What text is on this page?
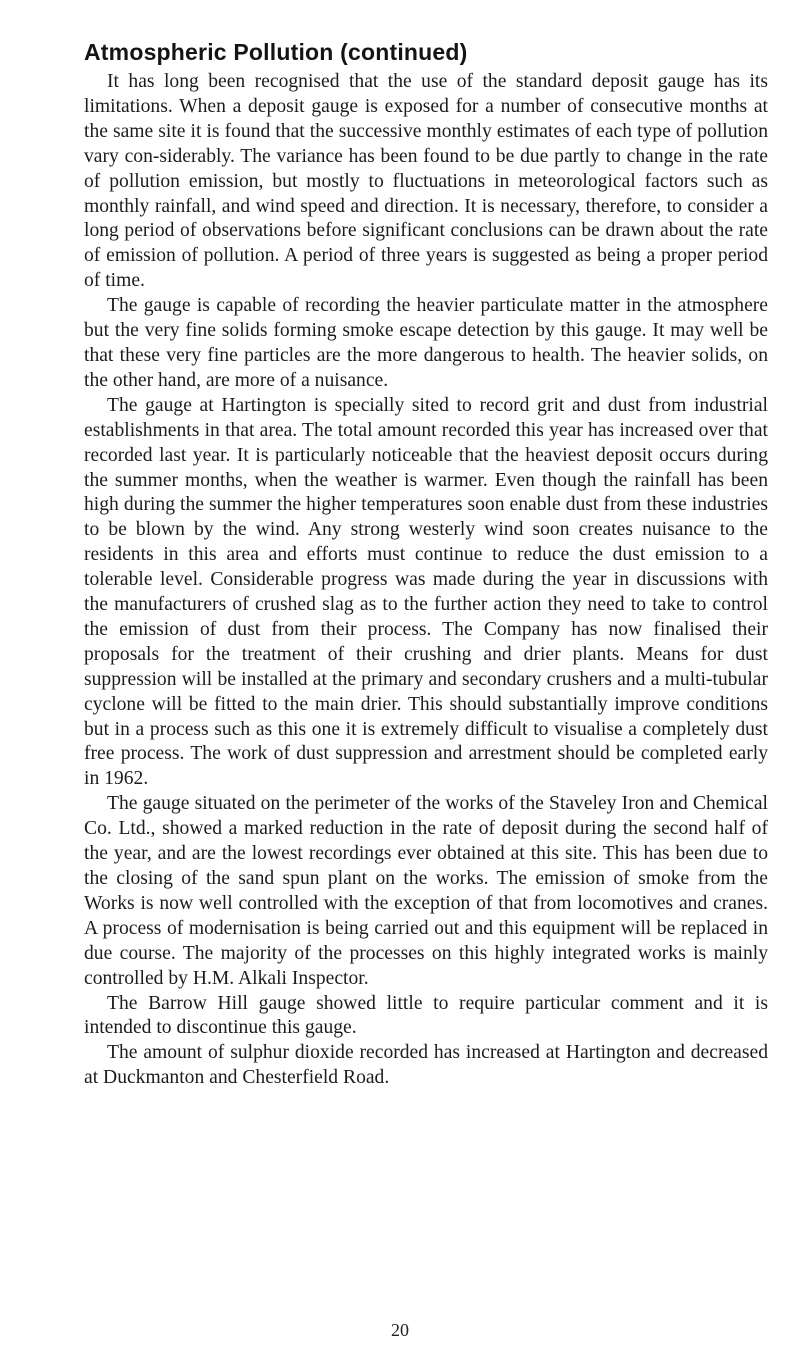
Atmospheric Pollution (continued)

It has long been recognised that the use of the standard deposit gauge has its limitations. When a deposit gauge is exposed for a number of consecutive months at the same site it is found that the successive monthly estimates of each type of pollution vary con-siderably. The variance has been found to be due partly to change in the rate of pollution emission, but mostly to fluctuations in meteorological factors such as monthly rainfall, and wind speed and direction. It is necessary, therefore, to consider a long period of observations before significant conclusions can be drawn about the rate of emission of pollution. A period of three years is suggested as being a proper period of time.

The gauge is capable of recording the heavier particulate matter in the atmosphere but the very fine solids forming smoke escape detection by this gauge. It may well be that these very fine particles are the more dangerous to health. The heavier solids, on the other hand, are more of a nuisance.

The gauge at Hartington is specially sited to record grit and dust from industrial establishments in that area. The total amount recorded this year has increased over that recorded last year. It is particularly noticeable that the heaviest deposit occurs during the summer months, when the weather is warmer. Even though the rainfall has been high during the summer the higher temperatures soon enable dust from these industries to be blown by the wind. Any strong westerly wind soon creates nuisance to the residents in this area and efforts must continue to reduce the dust emission to a tolerable level. Considerable progress was made during the year in discussions with the manufacturers of crushed slag as to the further action they need to take to control the emission of dust from their process. The Company has now finalised their proposals for the treatment of their crushing and drier plants. Means for dust suppression will be installed at the primary and secondary crushers and a multi-tubular cyclone will be fitted to the main drier. This should substantially improve conditions but in a process such as this one it is extremely difficult to visualise a completely dust free process. The work of dust suppression and arrestment should be completed early in 1962.

The gauge situated on the perimeter of the works of the Staveley Iron and Chemical Co. Ltd., showed a marked reduction in the rate of deposit during the second half of the year, and are the lowest recordings ever obtained at this site. This has been due to the closing of the sand spun plant on the works. The emission of smoke from the Works is now well controlled with the exception of that from locomotives and cranes. A process of modernisation is being carried out and this equipment will be replaced in due course. The majority of the processes on this highly integrated works is mainly controlled by H.M. Alkali Inspector.

The Barrow Hill gauge showed little to require particular comment and it is intended to discontinue this gauge.

The amount of sulphur dioxide recorded has increased at Hartington and decreased at Duckmanton and Chesterfield Road.

20
